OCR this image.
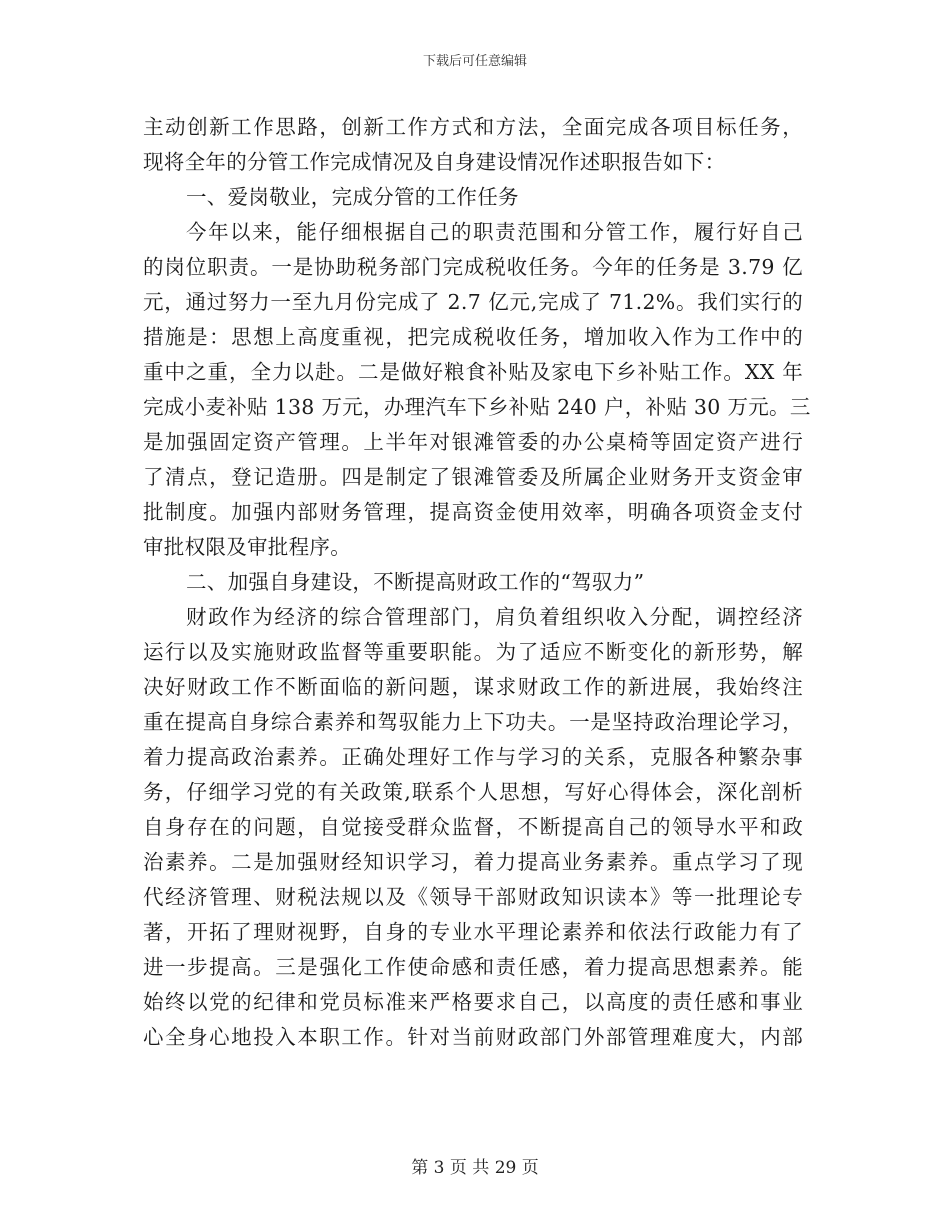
下载后可任意编辑
主动创新工作思路，创新工作方式和方法，全面完成各项目标任务，
现将全年的分管工作完成情况及自身建设情况作述职报告如下：
一、爱岗敬业，完成分管的工作任务
今年以来，能仔细根据自己的职责范围和分管工作，履行好自己
的岗位职责。一是协助税务部门完成税收任务。今年的任务是 3.79 亿
元，通过努力一至九月份完成了 2.7 亿元,完成了 71.2%。我们实行的
措施是：思想上高度重视，把完成税收任务，增加收入作为工作中的
重中之重，全力以赴。二是做好粮食补贴及家电下乡补贴工作。XX 年
完成小麦补贴 138 万元，办理汽车下乡补贴 240 户，补贴 30 万元。三
是加强固定资产管理。上半年对银滩管委的办公桌椅等固定资产进行
了清点，登记造册。四是制定了银滩管委及所属企业财务开支资金审
批制度。加强内部财务管理，提高资金使用效率，明确各项资金支付
审批权限及审批程序。
二、加强自身建设，不断提高财政工作的“驾驭力”
财政作为经济的综合管理部门，肩负着组织收入分配，调控经济
运行以及实施财政监督等重要职能。为了适应不断变化的新形势，解
决好财政工作不断面临的新问题，谋求财政工作的新进展，我始终注
重在提高自身综合素养和驾驭能力上下功夫。一是坚持政治理论学习，
着力提高政治素养。正确处理好工作与学习的关系，克服各种繁杂事
务，仔细学习党的有关政策,联系个人思想，写好心得体会，深化剖析
自身存在的问题，自觉接受群众监督，不断提高自己的领导水平和政
治素养。二是加强财经知识学习，着力提高业务素养。重点学习了现
代经济管理、财税法规以及《领导干部财政知识读本》等一批理论专
著，开拓了理财视野，自身的专业水平理论素养和依法行政能力有了
进一步提高。三是强化工作使命感和责任感，着力提高思想素养。能
始终以党的纪律和党员标准来严格要求自己，以高度的责任感和事业
心全身心地投入本职工作。针对当前财政部门外部管理难度大，内部
第 3 页 共 29 页
